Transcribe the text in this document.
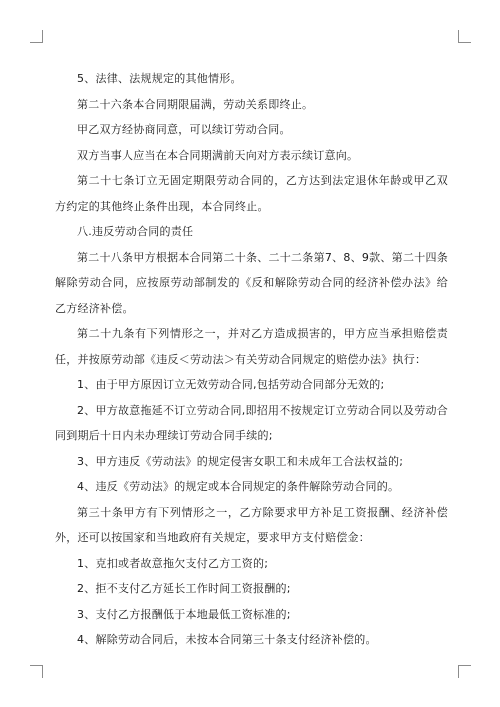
5、法律、法规规定的其他情形。

第二十六条本合同期限届满，劳动关系即终止。

甲乙双方经协商同意，可以续订劳动合同。

双方当事人应当在本合同期满前天向对方表示续订意向。

第二十七条订立无固定期限劳动合同的，乙方达到法定退休年龄或甲乙双方约定的其他终止条件出现，本合同终止。

八.违反劳动合同的责任

第二十八条甲方根据本合同第二十条、二十二条第7、8、9款、第二十四条解除劳动合同，应按原劳动部制发的《反和解除劳动合同的经济补偿办法》给乙方经济补偿。

第二十九条有下列情形之一，并对乙方造成损害的，甲方应当承担赔偿责任，并按原劳动部《违反＜劳动法＞有关劳动合同规定的赔偿办法》执行：

1、由于甲方原因订立无效劳动合同,包括劳动合同部分无效的;

2、甲方故意拖延不订立劳动合同,即招用不按规定订立劳动合同以及劳动合同到期后十日内未办理续订劳动合同手续的;

3、甲方违反《劳动法》的规定侵害女职工和未成年工合法权益的;

4、违反《劳动法》的规定或本合同规定的条件解除劳动合同的。

第三十条甲方有下列情形之一，乙方除要求甲方补足工资报酬、经济补偿外，还可以按国家和当地政府有关规定，要求甲方支付赔偿金：

1、克扣或者故意拖欠支付乙方工资的;

2、拒不支付乙方延长工作时间工资报酬的;

3、支付乙方报酬低于本地最低工资标准的;

4、解除劳动合同后，未按本合同第三十条支付经济补偿的。
